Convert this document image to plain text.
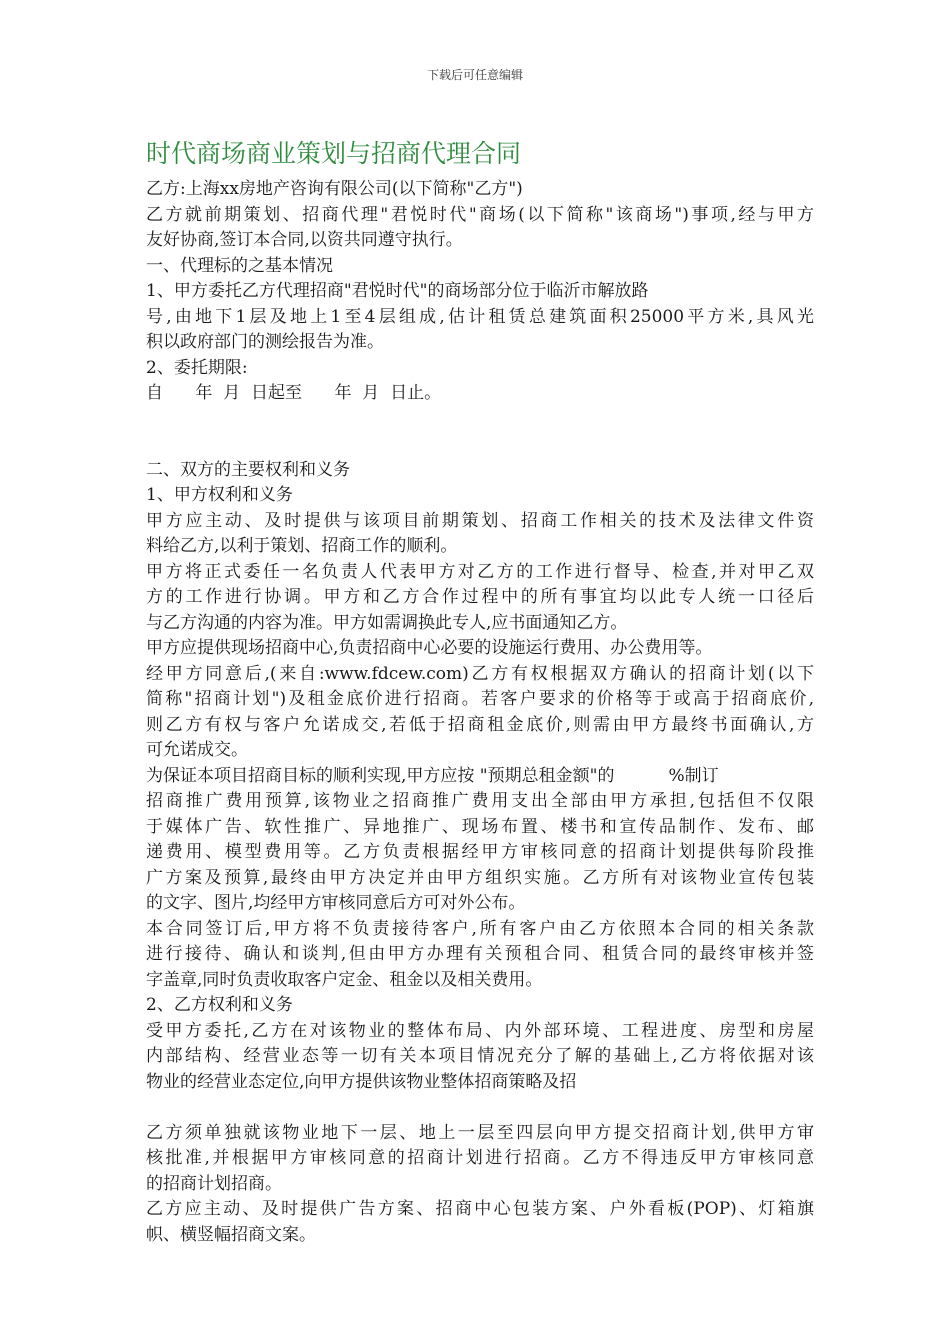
下载后可任意编辑
时代商场商业策划与招商代理合同
乙方:上海xx房地产咨询有限公司(以下简称"乙方")
乙方就前期策划、招商代理"君悦时代"商场(以下简称"该商场")事项,经与甲方
友好协商,签订本合同,以资共同遵守执行。
一、代理标的之基本情况
1、甲方委托乙方代理招商"君悦时代"的商场部分位于临沂市解放路
号,由地下1层及地上1至4层组成,估计租赁总建筑面积25000平方米,具风光
积以政府部门的测绘报告为准。
2、委托期限:
自      年  月  日起至      年  月  日止。
二、双方的主要权利和义务
1、甲方权利和义务
甲方应主动、及时提供与该项目前期策划、招商工作相关的技术及法律文件资
料给乙方,以利于策划、招商工作的顺利。
甲方将正式委任一名负责人代表甲方对乙方的工作进行督导、检查,并对甲乙双
方的工作进行协调。甲方和乙方合作过程中的所有事宜均以此专人统一口径后
与乙方沟通的内容为准。甲方如需调换此专人,应书面通知乙方。
甲方应提供现场招商中心,负责招商中心必要的设施运行费用、办公费用等。
经甲方同意后,(来自:www.fdcew.com)乙方有权根据双方确认的招商计划(以下
简称"招商计划")及租金底价进行招商。若客户要求的价格等于或高于招商底价,
则乙方有权与客户允诺成交,若低于招商租金底价,则需由甲方最终书面确认,方
可允诺成交。
为保证本项目招商目标的顺利实现,甲方应按 "预期总租金额"的          %制订
招商推广费用预算,该物业之招商推广费用支出全部由甲方承担,包括但不仅限
于媒体广告、软性推广、异地推广、现场布置、楼书和宣传品制作、发布、邮
递费用、模型费用等。乙方负责根据经甲方审核同意的招商计划提供每阶段推
广方案及预算,最终由甲方决定并由甲方组织实施。乙方所有对该物业宣传包装
的文字、图片,均经甲方审核同意后方可对外公布。
本合同签订后,甲方将不负责接待客户,所有客户由乙方依照本合同的相关条款
进行接待、确认和谈判,但由甲方办理有关预租合同、租赁合同的最终审核并签
字盖章,同时负责收取客户定金、租金以及相关费用。
2、乙方权利和义务
受甲方委托,乙方在对该物业的整体布局、内外部环境、工程进度、房型和房屋
内部结构、经营业态等一切有关本项目情况充分了解的基础上,乙方将依据对该
物业的经营业态定位,向甲方提供该物业整体招商策略及招
乙方须单独就该物业地下一层、地上一层至四层向甲方提交招商计划,供甲方审
核批准,并根据甲方审核同意的招商计划进行招商。乙方不得违反甲方审核同意
的招商计划招商。
乙方应主动、及时提供广告方案、招商中心包装方案、户外看板(POP)、灯箱旗
帜、横竖幅招商文案。
